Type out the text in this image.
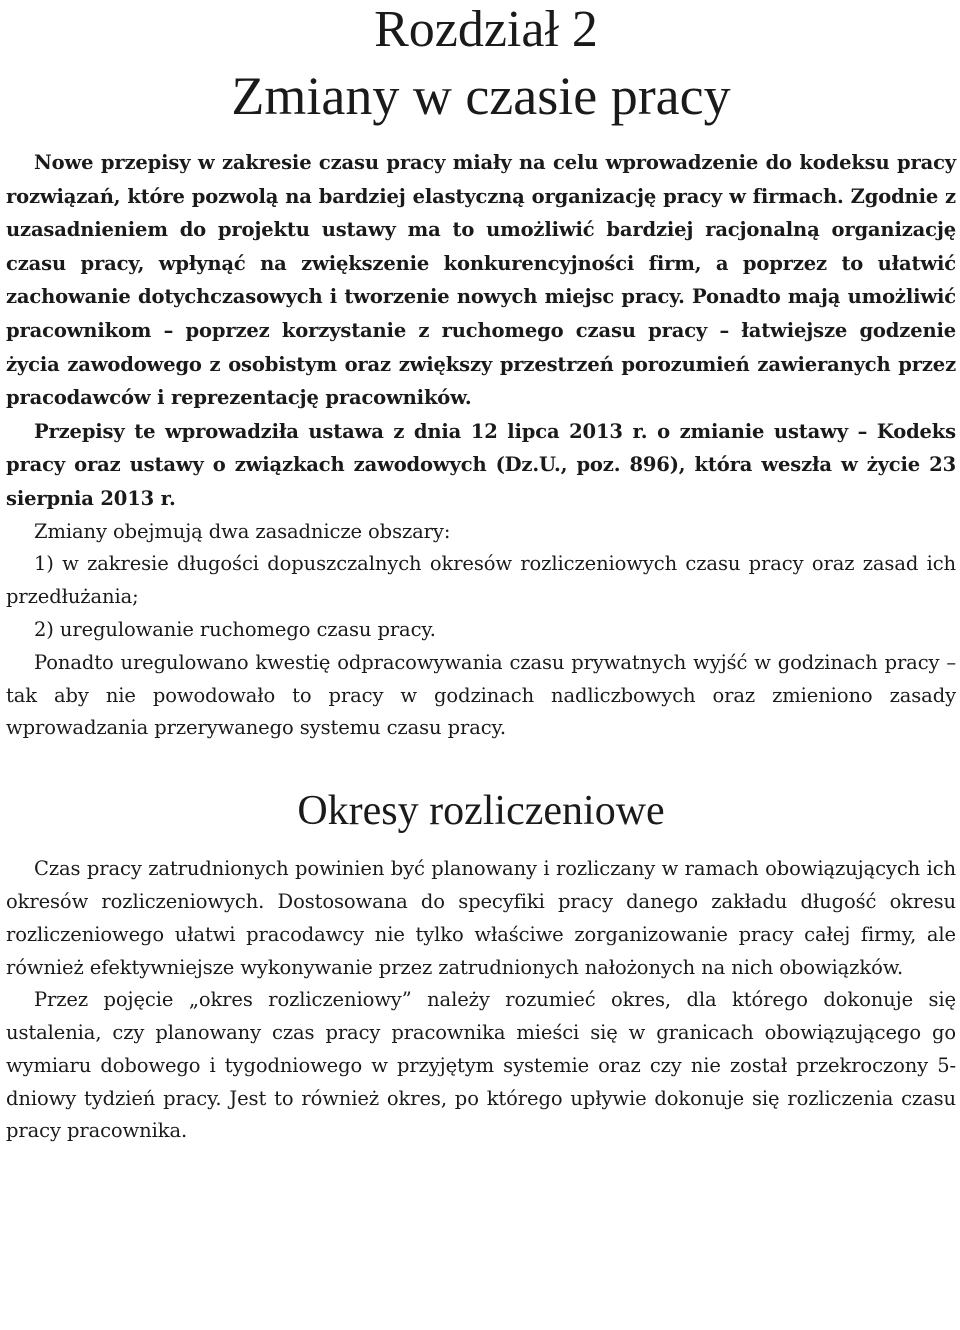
Rozdział 2
Zmiany w czasie pracy

Nowe przepisy w zakresie czasu pracy miały na celu wprowadzenie do kodeksu pracy rozwiązań, które pozwolą na bardziej elastyczną organizację pracy w firmach. Zgodnie z uzasadnieniem do projektu ustawy ma to umożliwić bardziej racjonalną organizację czasu pracy, wpłynąć na zwiększenie konkurencyjności firm, a poprzez to ułatwić zachowanie dotychczasowych i tworzenie nowych miejsc pracy. Ponadto mają umożliwić pracownikom – poprzez korzystanie z ruchomego czasu pracy – łatwiejsze godzenie życia zawodowego z osobistym oraz zwiększy przestrzeń porozumień zawieranych przez pracodawców i reprezentację pracowników.

Przepisy te wprowadziła ustawa z dnia 12 lipca 2013 r. o zmianie ustawy – Kodeks pracy oraz ustawy o związkach zawodowych (Dz.U., poz. 896), która weszła w życie 23 sierpnia 2013 r.

Zmiany obejmują dwa zasadnicze obszary:

1) w zakresie długości dopuszczalnych okresów rozliczeniowych czasu pracy oraz zasad ich przedłużania;

2) uregulowanie ruchomego czasu pracy.

Ponadto uregulowano kwestię odpracowywania czasu prywatnych wyjść w godzinach pracy – tak aby nie powodowało to pracy w godzinach nadliczbowych oraz zmieniono zasady wprowadzania przerywanego systemu czasu pracy.

Okresy rozliczeniowe

Czas pracy zatrudnionych powinien być planowany i rozliczany w ramach obowiązujących ich okresów rozliczeniowych. Dostosowana do specyfiki pracy danego zakładu długość okresu rozliczeniowego ułatwi pracodawcy nie tylko właściwe zorganizowanie pracy całej firmy, ale również efektywniejsze wykonywanie przez zatrudnionych nałożonych na nich obowiązków.

Przez pojęcie „okres rozliczeniowy” należy rozumieć okres, dla którego dokonuje się ustalenia, czy planowany czas pracy pracownika mieści się w granicach obowiązującego go wymiaru dobowego i tygodniowego w przyjętym systemie oraz czy nie został przekroczony 5-dniowy tydzień pracy. Jest to również okres, po którego upływie dokonuje się rozliczenia czasu pracy pracownika.
